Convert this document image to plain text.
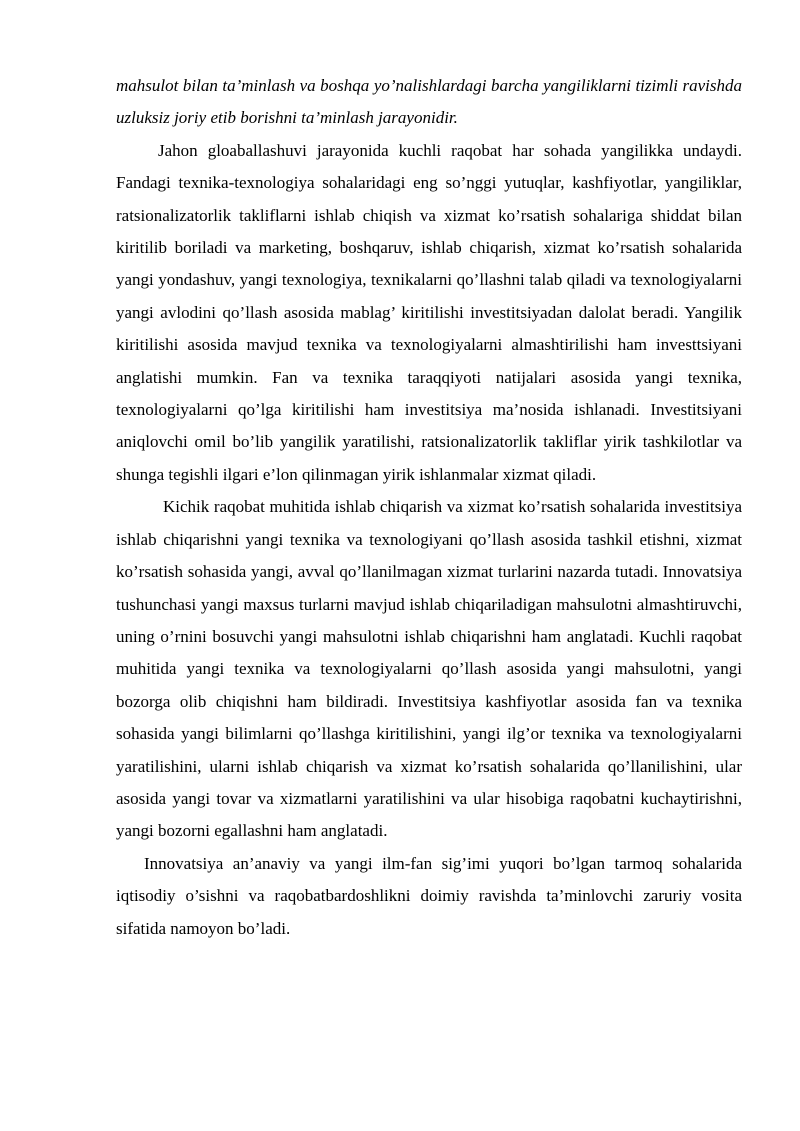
mahsulot bilan ta’minlash va boshqa yo’nalishlardagi barcha yangiliklarni tizimli ravishda uzluksiz joriy etib borishni ta’minlash jarayonidir.

Jahon gloaballashuvi jarayonida kuchli raqobat har sohada yangilikka undaydi. Fandagi texnika-texnologiya sohalaridagi eng so’nggi yutuqlar, kashfiyotlar, yangiliklar, ratsionalizatorlik takliflarni ishlab chiqish va xizmat ko’rsatish sohalariga shiddat bilan kiritilib boriladi va marketing, boshqaruv, ishlab chiqarish, xizmat ko’rsatish sohalarida yangi yondashuv, yangi texnologiya, texnikalarni qo’llashni talab qiladi va texnologiyalarni yangi avlodini qo’llash asosida mablag’ kiritilishi investitsiyadan dalolat beradi. Yangilik kiritilishi asosida mavjud texnika va texnologiyalarni almashtirilishi ham investtsiyani anglatishi mumkin. Fan va texnika taraqqiyoti natijalari asosida yangi texnika, texnologiyalarni qo’lga kiritilishi ham investitsiya ma’nosida ishlanadi. Investitsiyani aniqlovchi omil bo’lib yangilik yaratilishi, ratsionalizatorlik takliflar yirik tashkilotlar va shunga tegishli ilgari e’lon qilinmagan yirik ishlanmalar xizmat qiladi.

Kichik raqobat muhitida ishlab chiqarish va xizmat ko’rsatish sohalarida investitsiya ishlab chiqarishni yangi texnika va texnologiyani qo’llash asosida tashkil etishni, xizmat ko’rsatish sohasida yangi, avval qo’llanilmagan xizmat turlarini nazarda tutadi. Innovatsiya tushunchasi yangi maxsus turlarni mavjud ishlab chiqariladigan mahsulotni almashtiruvchi, uning o’rnini bosuvchi yangi mahsulotni ishlab chiqarishni ham anglatadi. Kuchli raqobat muhitida yangi texnika va texnologiyalarni qo’llash asosida yangi mahsulotni, yangi bozorga olib chiqishni ham bildiradi. Investitsiya kashfiyotlar asosida fan va texnika sohasida yangi bilimlarni qo’llashga kiritilishini, yangi ilg’or texnika va texnologiyalarni yaratilishini, ularni ishlab chiqarish va xizmat ko’rsatish sohalarida qo’llanilishini, ular asosida yangi tovar va xizmatlarni yaratilishini va ular hisobiga raqobatni kuchaytirishni, yangi bozorni egallashni ham anglatadi.

Innovatsiya an’anaviy va yangi ilm-fan sig’imi yuqori bo’lgan tarmoq sohalarida iqtisodiy o’sishni va raqobatbardoshlikni doimiy ravishda ta’minlovchi zaruriy vosita sifatida namoyon bo’ladi.
